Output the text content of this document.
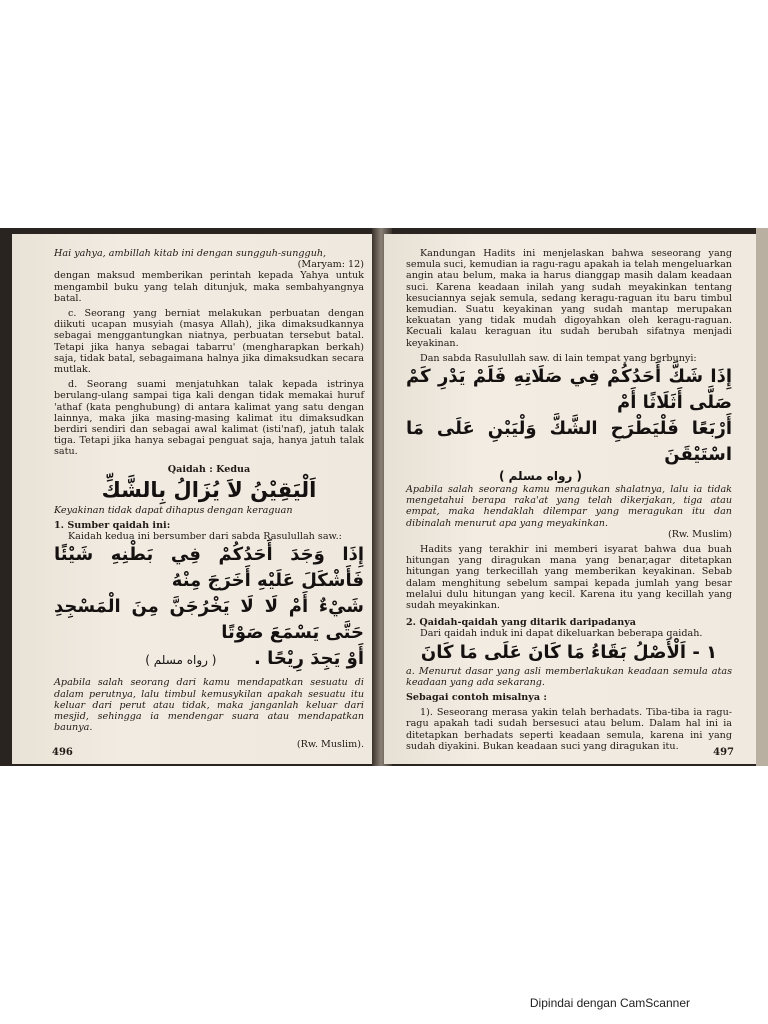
Hai yahya, ambillah kitab ini dengan sungguh-sungguh,

(Maryam: 12)

dengan maksud memberikan perintah kepada Yahya untuk mengambil buku yang telah ditunjuk, maka sembahyangnya batal.

c. Seorang yang berniat melakukan perbuatan dengan diikuti ucapan musyiah (masya Allah), jika dimaksudkannya sebagai menggantungkan niatnya, perbuatan tersebut batal. Tetapi jika hanya sebagai tabarru' (mengharapkan berkah) saja, tidak batal, sebagaimana halnya jika dimaksudkan secara mutlak.

d. Seorang suami menjatuhkan talak kepada istrinya berulang-ulang sampai tiga kali dengan tidak memakai huruf 'athaf (kata penghubung) di antara kalimat yang satu dengan lainnya, maka jika masing-masing kalimat itu dimaksudkan berdiri sendiri dan sebagai awal kalimat (isti'naf), jatuh talak tiga. Tetapi jika hanya sebagai penguat saja, hanya jatuh talak satu.

Qaidah : Kedua

اَلْيَقِيْنُ لاَ يُزَالُ بِالشَّكِّ

Keyakinan tidak dapat dihapus dengan keraguan

1. Sumber qaidah ini:

Kaidah kedua ini bersumber dari sabda Rasulullah saw.:

إِذَا وَجَدَ أَحَدُكُمْ فِي بَطْنِهِ شَيْئًا فَأَشْكَلَ عَلَيْهِ أَخَرَجَ مِنْهُ

شَيْءٌ أَمْ لَا لَا يَخْرُجَنَّ مِنَ الْمَسْجِدِ حَتَّى يَسْمَعَ صَوْتًا

أَوْ يَجِدَ رِيْحًا .      ( رواه مسلم )

Apabila salah seorang dari kamu mendapatkan sesuatu di dalam perutnya, lalu timbul kemusykilan apakah sesuatu itu keluar dari perut atau tidak, maka janganlah keluar dari mesjid, sehingga ia mendengar suara atau mendapatkan baunya.

(Rw. Muslim).

496

Kandungan Hadits ini menjelaskan bahwa seseorang yang semula suci, kemudian ia ragu-ragu apakah ia telah mengeluarkan angin atau belum, maka ia harus dianggap masih dalam keadaan suci. Karena keadaan inilah yang sudah meyakinkan tentang kesuciannya sejak semula, sedang keragu-raguan itu baru timbul kemudian. Suatu keyakinan yang sudah mantap merupakan kekuatan yang tidak mudah digoyahkan oleh keragu-raguan. Kecuali kalau keraguan itu sudah berubah sifatnya menjadi keyakinan.

Dan sabda Rasulullah saw. di lain tempat yang berbunyi:

إِذَا شَكَّ أَحَدُكُمْ فِي صَلَاتِهِ فَلَمْ يَدْرِ كَمْ صَلَّى أَثَلَاثًا أَمْ

أَرْبَعًا فَلْيَطْرَحِ الشَّكَّ وَلْيَبْنِ عَلَى مَا اسْتَيْقَنَ

( رواه مسلم )

Apabila salah seorang kamu meragukan shalatnya, lalu ia tidak mengetahui berapa raka'at yang telah dikerjakan, tiga atau empat, maka hendaklah dilempar yang meragukan itu dan dibinalah menurut apa yang meyakinkan.

(Rw. Muslim)

Hadits yang terakhir ini memberi isyarat bahwa dua buah hitungan yang diragukan mana yang benar,agar ditetapkan hitungan yang terkecillah yang memberikan keyakinan. Sebab dalam menghitung sebelum sampai kepada jumlah yang besar melalui dulu hitungan yang kecil. Karena itu yang kecillah yang sudah meyakinkan.

2. Qaidah-qaidah yang ditarik daripadanya

Dari qaidah induk ini dapat dikeluarkan beberapa qaidah.

١ - اَلْأَصْلُ بَقَاءُ مَا كَانَ عَلَى مَا كَانَ

a. Menurut dasar yang asli memberlakukan keadaan semula atas keadaan yang ada sekarang.

Sebagai contoh misalnya :

1). Seseorang merasa yakin telah berhadats. Tiba-tiba ia ragu-ragu apakah tadi sudah bersesuci atau belum. Dalam hal ini ia ditetapkan berhadats seperti keadaan semula, karena ini yang sudah diyakini. Bukan keadaan suci yang diragukan itu.

497
Dipindai dengan CamScanner
